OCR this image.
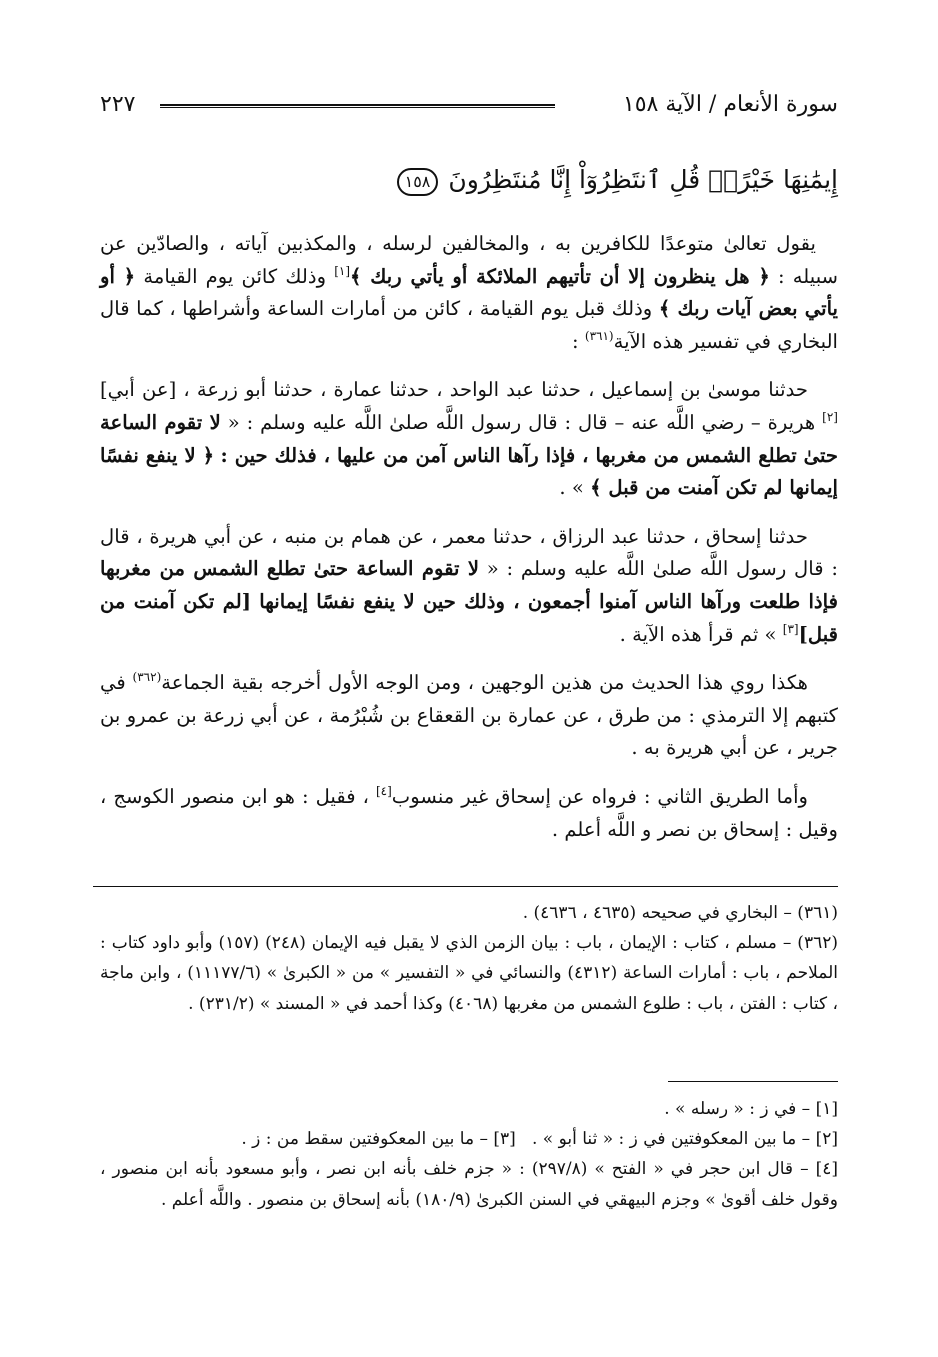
سورة الأنعام / الآية ١٥٨
٢٢٧
إِيمَٰنِهَا خَيْرًاۗ قُلِ ٱنتَظِرُوٓاْ إِنَّا مُنتَظِرُونَ ١٥٨

يقول تعالىٰ متوعدًا للكافرين به ، والمخالفين لرسله ، والمكذبين آياته ، والصادّين عن سبيله : ﴿ هل ينظرون إلا أن تأتيهم الملائكة أو يأتي ربك ﴾[١] وذلك كائن يوم القيامة ﴿ أو يأتي بعض آيات ربك ﴾ وذلك قبل يوم القيامة ، كائن من أمارات الساعة وأشراطها ، كما قال البخاري في تفسير هذه الآية$^{(٣٦١)}$ :

حدثنا موسىٰ بن إسماعيل ، حدثنا عبد الواحد ، حدثنا عمارة ، حدثنا أبو زرعة ، [عن أبي][٢] هريرة – رضي اللَّه عنه – قال : قال رسول اللَّه صلىٰ اللَّه عليه وسلم : « لا تقوم الساعة حتىٰ تطلع الشمس من مغربها ، فإذا رآها الناس آمن من عليها ، فذلك حين : ﴿ لا ينفع نفسًا إيمانها لم تكن آمنت من قبل ﴾ » .

حدثنا إسحاق ، حدثنا عبد الرزاق ، حدثنا معمر ، عن همام بن منبه ، عن أبي هريرة ، قال : قال رسول اللَّه صلىٰ اللَّه عليه وسلم : « لا تقوم الساعة حتىٰ تطلع الشمس من مغربها فإذا طلعت ورآها الناس آمنوا أجمعون ، وذلك حين لا ينفع نفسًا إيمانها [لم تكن آمنت من قبل][٣] » ثم قرأ هذه الآية .

هكذا روي هذا الحديث من هذين الوجهين ، ومن الوجه الأول أخرجه بقية الجماعة$^{(٣٦٢)}$ في كتبهم إلا الترمذي : من طرق ، عن عمارة بن القعقاع بن شُبْرُمة ، عن أبي زرعة بن عمرو بن جرير ، عن أبي هريرة به .

وأما الطريق الثاني : فرواه عن إسحاق غير منسوب[٤] ، فقيل : هو ابن منصور الكوسج ، وقيل : إسحاق بن نصر و اللَّه أعلم .

(٣٦١) – البخاري في صحيحه (٤٦٣٥ ، ٤٦٣٦) .

(٣٦٢) – مسلم ، كتاب : الإيمان ، باب : بيان الزمن الذي لا يقبل فيه الإيمان (٢٤٨) (١٥٧) وأبو داود كتاب : الملاحم ، باب : أمارات الساعة (٤٣١٢) والنسائي في « التفسير » من « الكبرىٰ » (١١١٧٧/٦) ، وابن ماجة ، كتاب : الفتن ، باب : طلوع الشمس من مغربها (٤٠٦٨) وكذا أحمد في « المسند » (٢٣١/٢) .

[١] – في ز : « رسله » .

[٢] – ما بين المعكوفتين في ز : « ثنا أبو » .   [٣] – ما بين المعكوفتين سقط من : ز .

[٤] – قال ابن حجر في « الفتح » (٢٩٧/٨) : « جزم خلف بأنه ابن نصر ، وأبو مسعود بأنه ابن منصور ، وقول خلف أقوىٰ » وجزم البيهقي في السنن الكبرىٰ (١٨٠/٩) بأنه إسحاق بن منصور . واللَّه أعلم .
